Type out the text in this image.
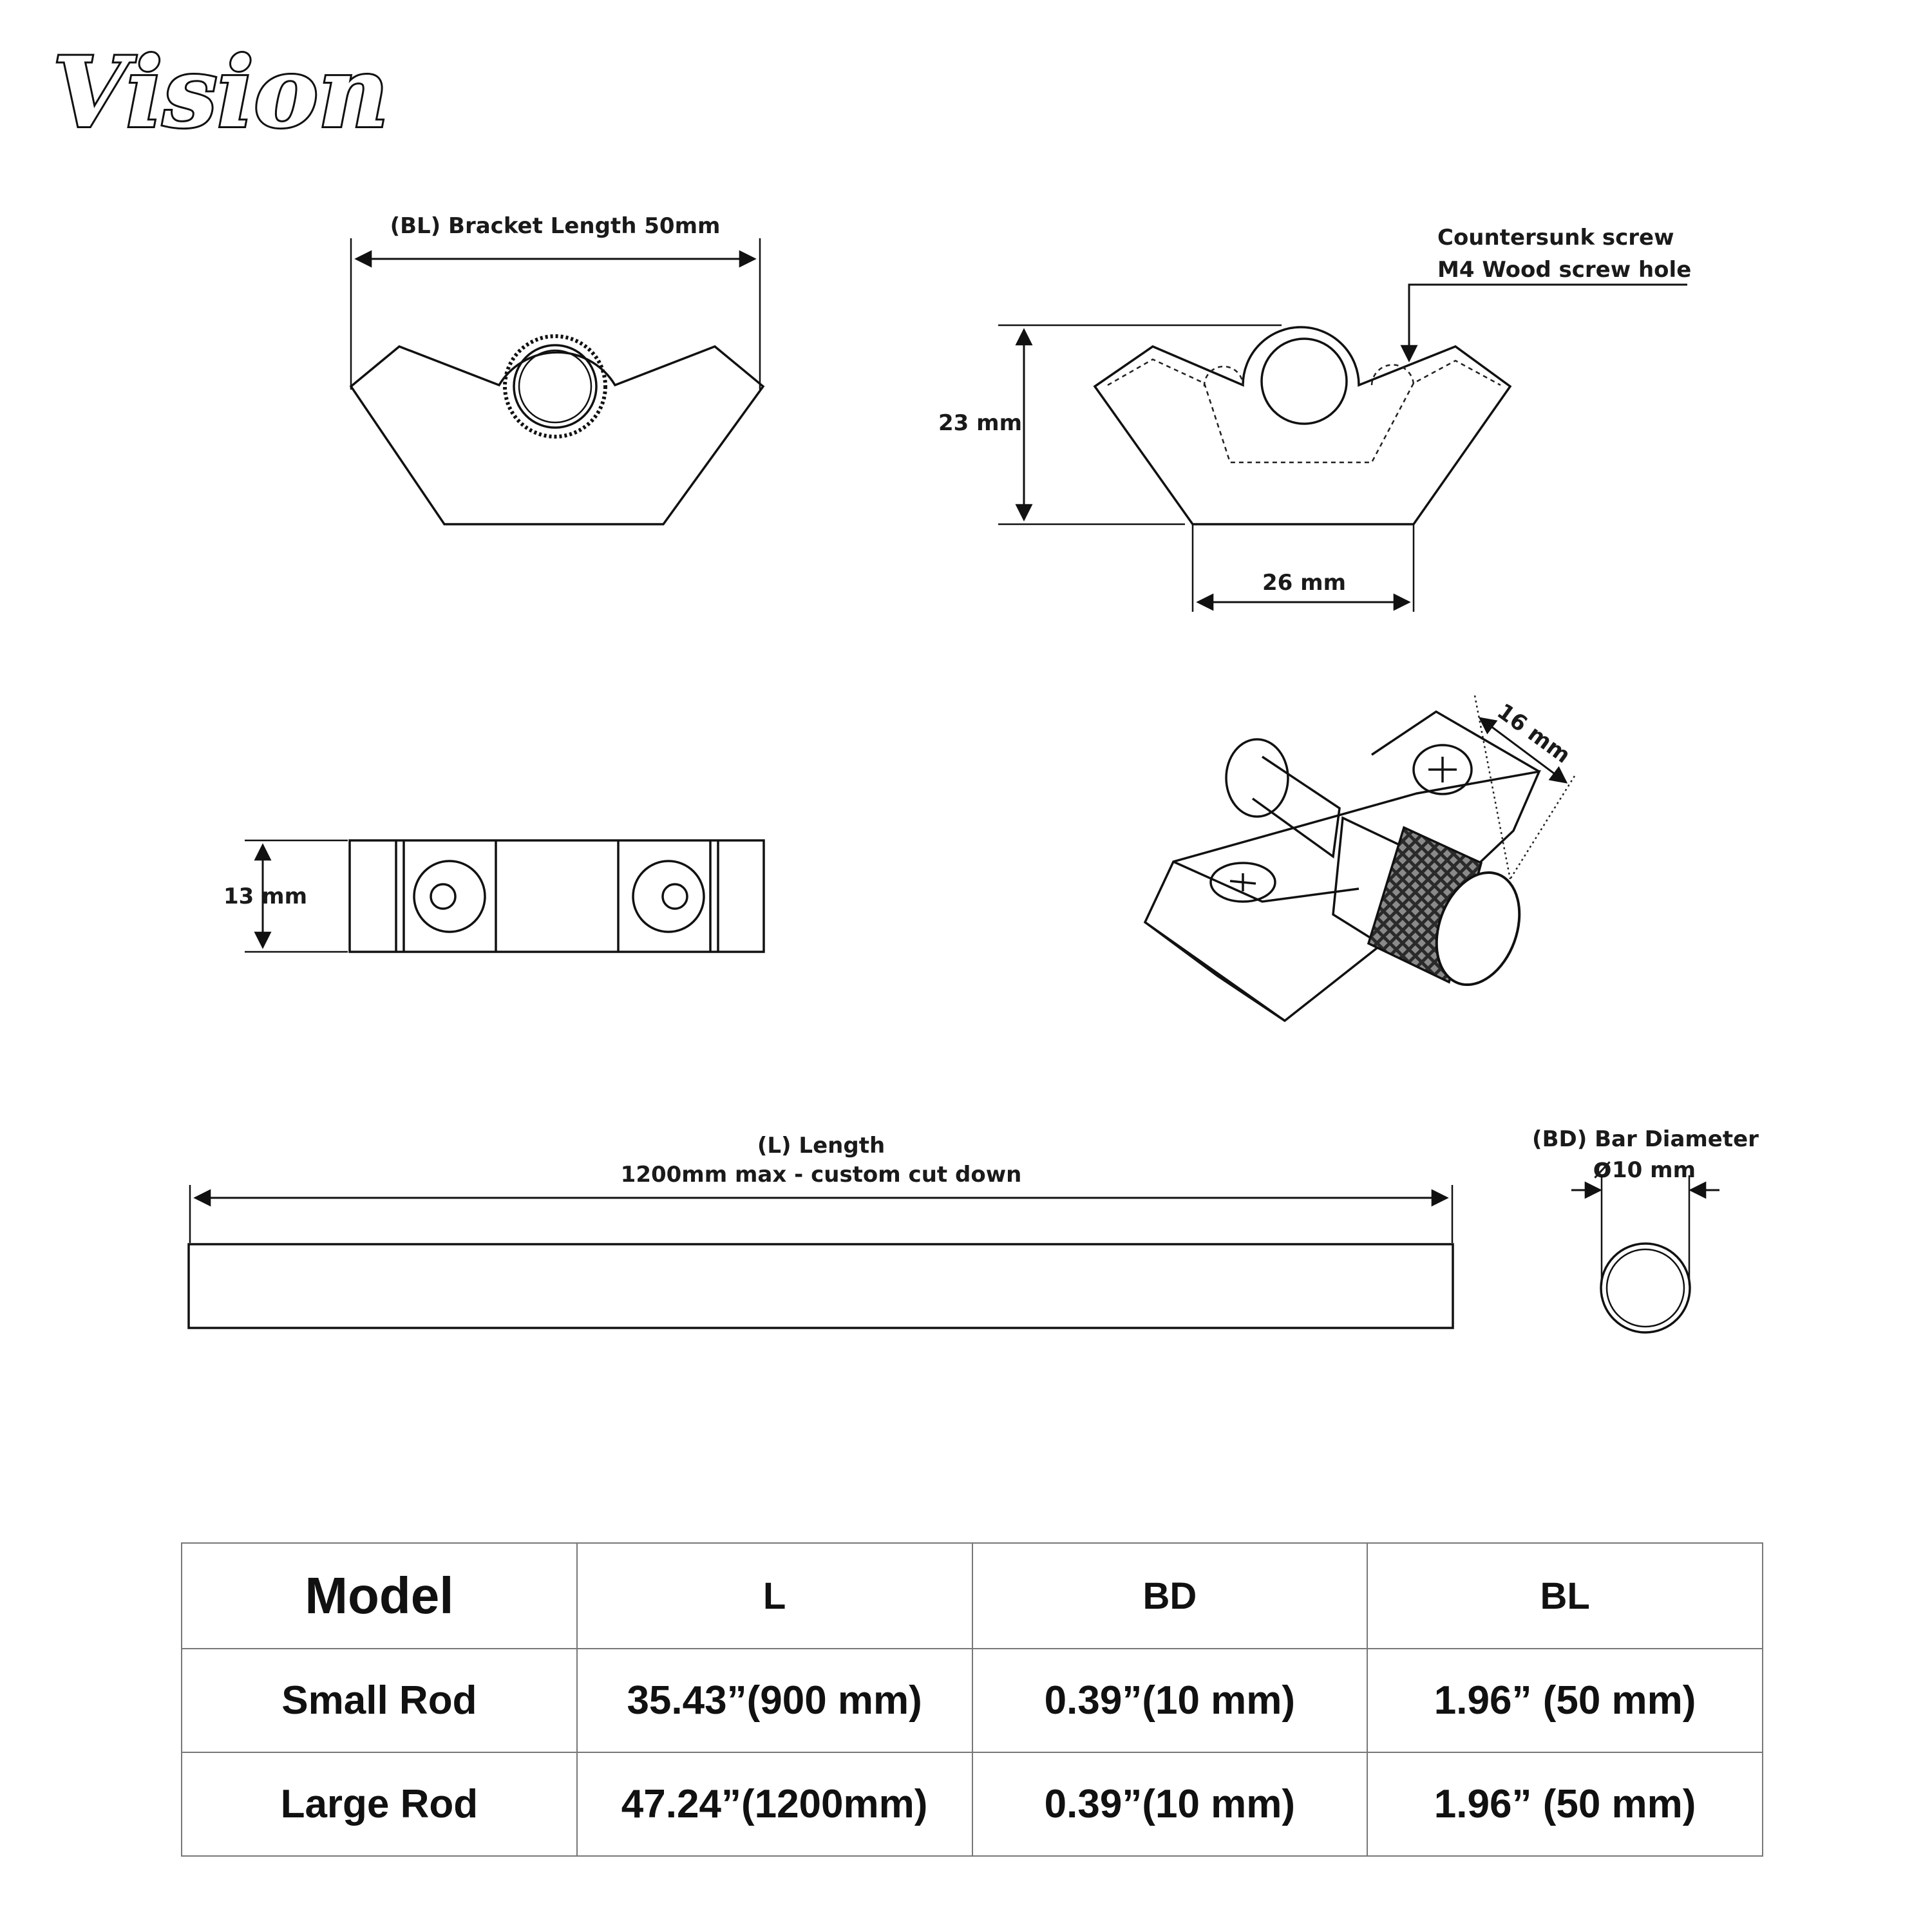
Vision
(BL) Bracket Length 50mm
23 mm
26 mm
Countersunk screw
M4 Wood screw hole
13 mm
16 mm
(L) Length
1200mm max - custom cut down
(BD) Bar Diameter
ø 10 mm
Model	L	BD	BL
Small Rod	35.43”(900 mm)	0.39”(10 mm)	1.96” (50 mm)
Large Rod	47.24”(1200mm)	0.39”(10 mm)	1.96” (50 mm)
